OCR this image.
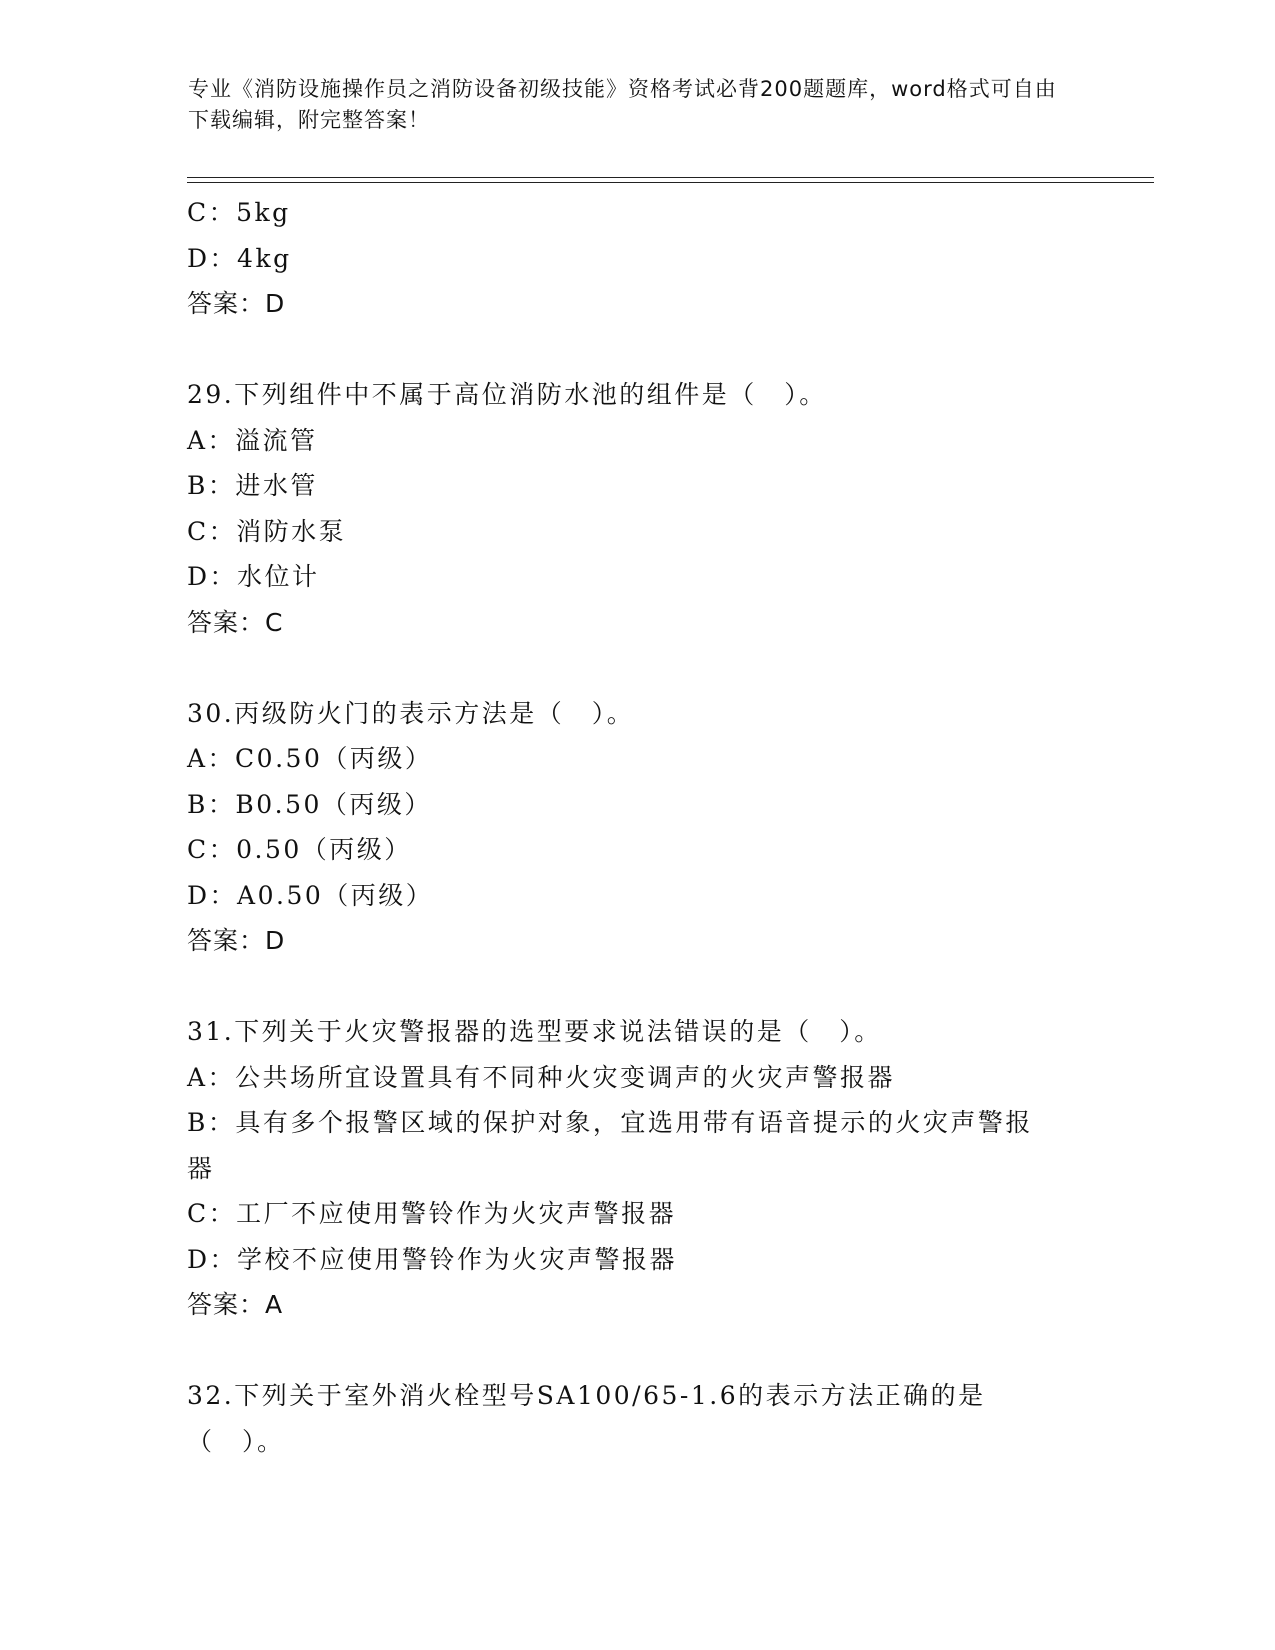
专业《消防设施操作员之消防设备初级技能》资格考试必背200题题库，word格式可自由下载编辑，附完整答案！
C：5kg
D：4kg
答案：D
29.下列组件中不属于高位消防水池的组件是（　）。
A：溢流管
B：进水管
C：消防水泵
D：水位计
答案：C
30.丙级防火门的表示方法是（　）。
A：C0.50（丙级）
B：B0.50（丙级）
C：0.50（丙级）
D：A0.50（丙级）
答案：D
31.下列关于火灾警报器的选型要求说法错误的是（　）。
A：公共场所宜设置具有不同种火灾变调声的火灾声警报器
B：具有多个报警区域的保护对象，宜选用带有语音提示的火灾声警报器
C：工厂不应使用警铃作为火灾声警报器
D：学校不应使用警铃作为火灾声警报器
答案：A
32.下列关于室外消火栓型号SA100/65-1.6的表示方法正确的是（　）。
